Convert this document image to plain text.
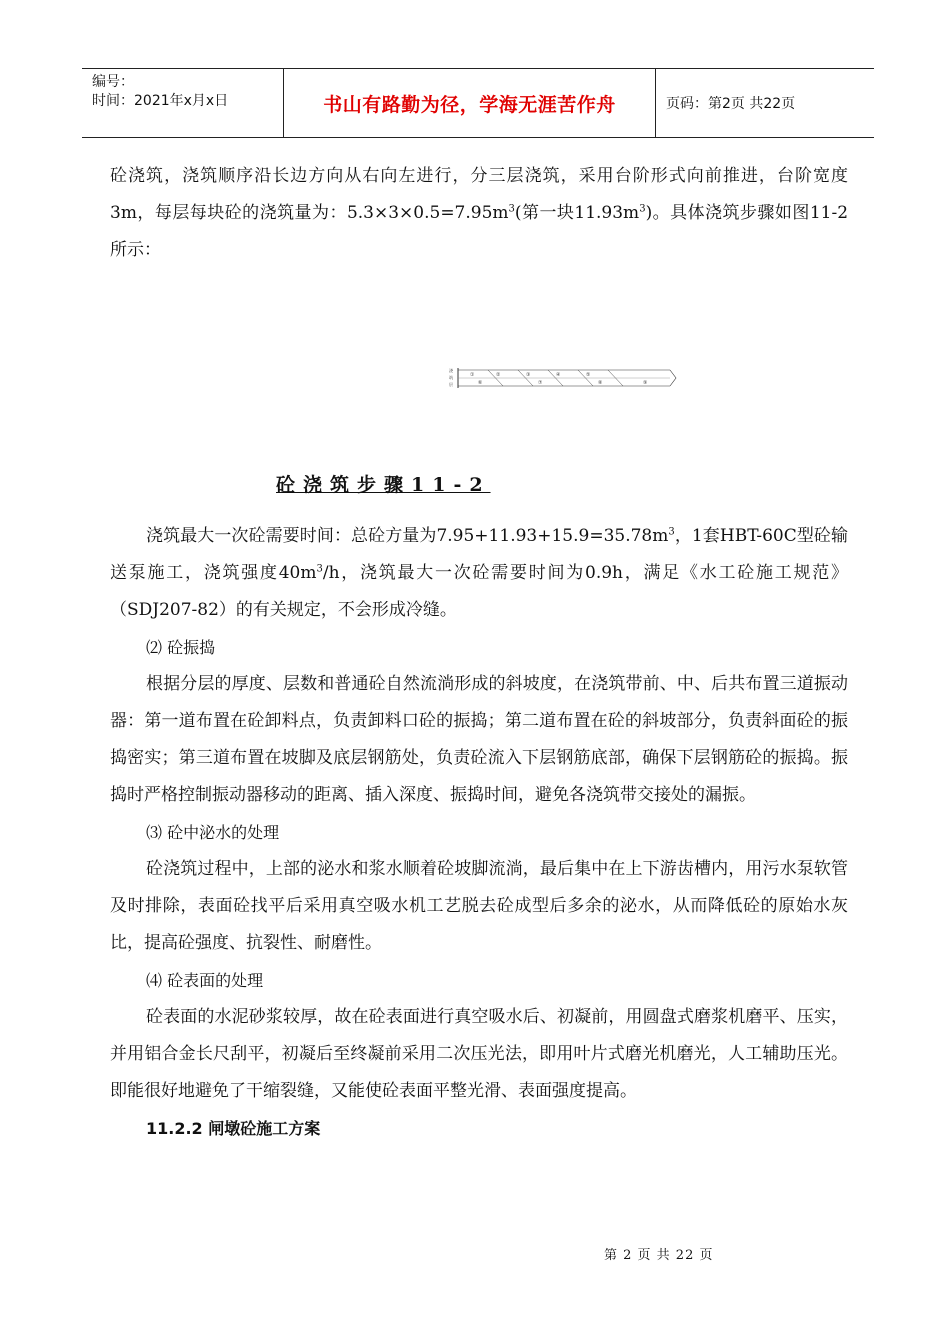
编号：
时间：2021年x月x日	书山有路勤为径，学海无涯苦作舟	页码：第2页 共22页

砼浇筑，浇筑顺序沿长边方向从右向左进行，分三层浇筑，采用台阶形式向前推进，台阶宽度3m，每层每块砼的浇筑量为：$5.3\times 3\times 0.5=7.95m^3$(第一块$11.93m^3$)。具体浇筑步骤如图11-2所示：

浇
筑
层
①	②	③	④	⑤
⑥	⑦	⑧	⑨
砼浇筑步骤11-2

浇筑最大一次砼需要时间：总砼方量为$7.95+11.93+15.9=35.78m^3$，1套HBT-60C型砼输送泵施工，浇筑强度$40m^3/h$，浇筑最大一次砼需要时间为0.9h，满足《水工砼施工规范》（SDJ207-82）的有关规定，不会形成冷缝。

⑵ 砼振捣

根据分层的厚度、层数和普通砼自然流淌形成的斜坡度，在浇筑带前、中、后共布置三道振动器：第一道布置在砼卸料点，负责卸料口砼的振捣；第二道布置在砼的斜坡部分，负责斜面砼的振捣密实；第三道布置在坡脚及底层钢筋处，负责砼流入下层钢筋底部，确保下层钢筋砼的振捣。振捣时严格控制振动器移动的距离、插入深度、振捣时间，避免各浇筑带交接处的漏振。

⑶ 砼中泌水的处理

砼浇筑过程中，上部的泌水和浆水顺着砼坡脚流淌，最后集中在上下游齿槽内，用污水泵软管及时排除，表面砼找平后采用真空吸水机工艺脱去砼成型后多余的泌水，从而降低砼的原始水灰比，提高砼强度、抗裂性、耐磨性。

⑷ 砼表面的处理

砼表面的水泥砂浆较厚，故在砼表面进行真空吸水后、初凝前，用圆盘式磨浆机磨平、压实，并用铝合金长尺刮平，初凝后至终凝前采用二次压光法，即用叶片式磨光机磨光，人工辅助压光。即能很好地避免了干缩裂缝，又能使砼表面平整光滑、表面强度提高。

11.2.2 闸墩砼施工方案

第 2 页 共 22 页
